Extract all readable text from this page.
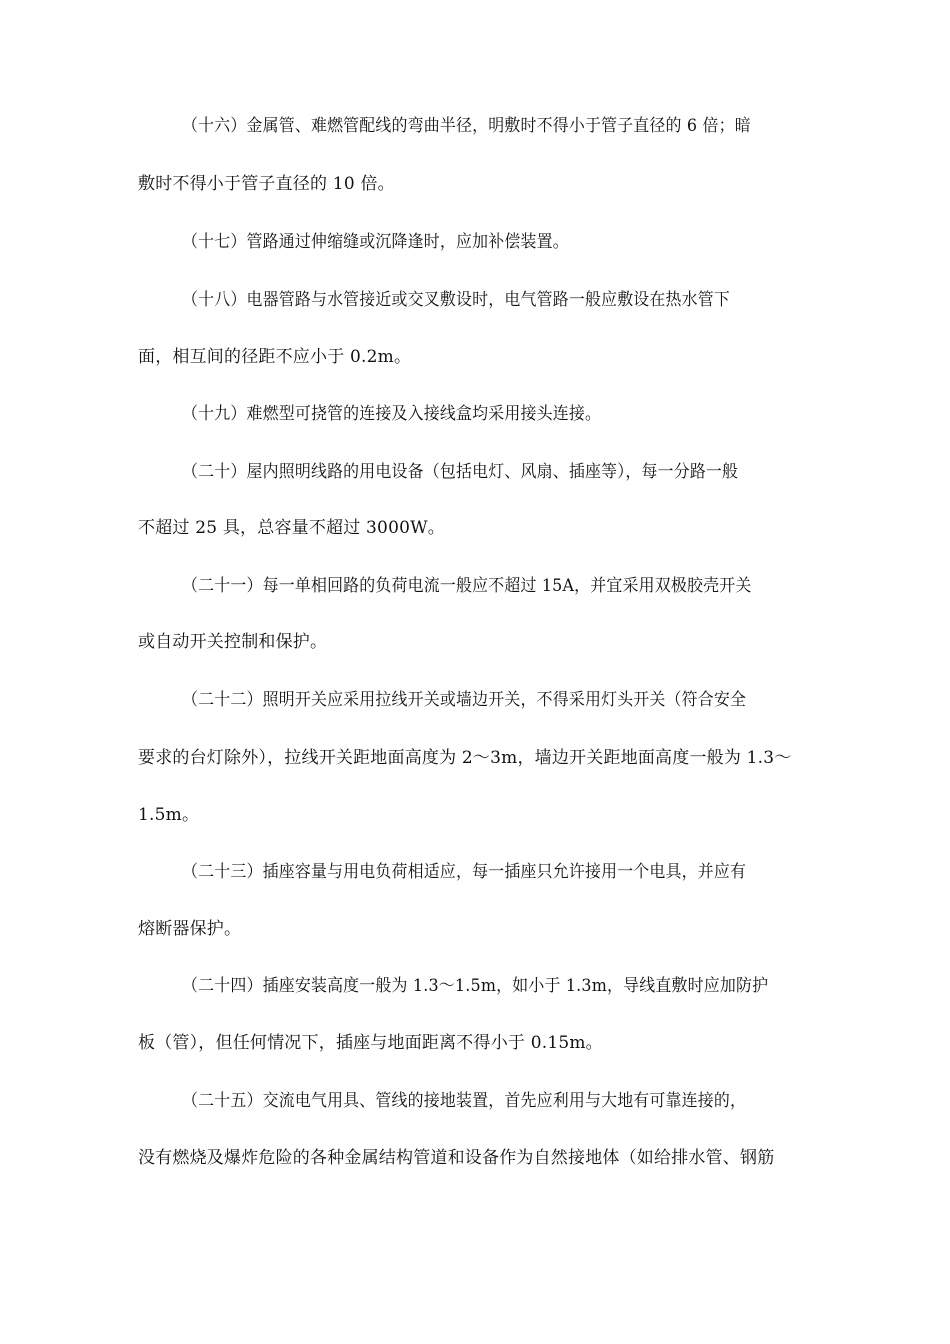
（十六）金属管、难燃管配线的弯曲半径，明敷时不得小于管子直径的 6 倍；暗
敷时不得小于管子直径的 10 倍。
（十七）管路通过伸缩缝或沉降逢时，应加补偿装置。
（十八）电器管路与水管接近或交叉敷设时，电气管路一般应敷设在热水管下
面，相互间的径距不应小于 0.2m。
（十九）难燃型可挠管的连接及入接线盒均采用接头连接。
（二十）屋内照明线路的用电设备（包括电灯、风扇、插座等），每一分路一般
不超过 25 具，总容量不超过 3000W。
（二十一）每一单相回路的负荷电流一般应不超过 15A，并宜采用双极胶壳开关
或自动开关控制和保护。
（二十二）照明开关应采用拉线开关或墙边开关，不得采用灯头开关（符合安全
要求的台灯除外），拉线开关距地面高度为 2～3m，墙边开关距地面高度一般为 1.3～
1.5m。
（二十三）插座容量与用电负荷相适应，每一插座只允许接用一个电具，并应有
熔断器保护。
（二十四）插座安装高度一般为 1.3～1.5m，如小于 1.3m，导线直敷时应加防护
板（管），但任何情况下，插座与地面距离不得小于 0.15m。
（二十五）交流电气用具、管线的接地装置，首先应利用与大地有可靠连接的，
没有燃烧及爆炸危险的各种金属结构管道和设备作为自然接地体（如给排水管、钢筋
